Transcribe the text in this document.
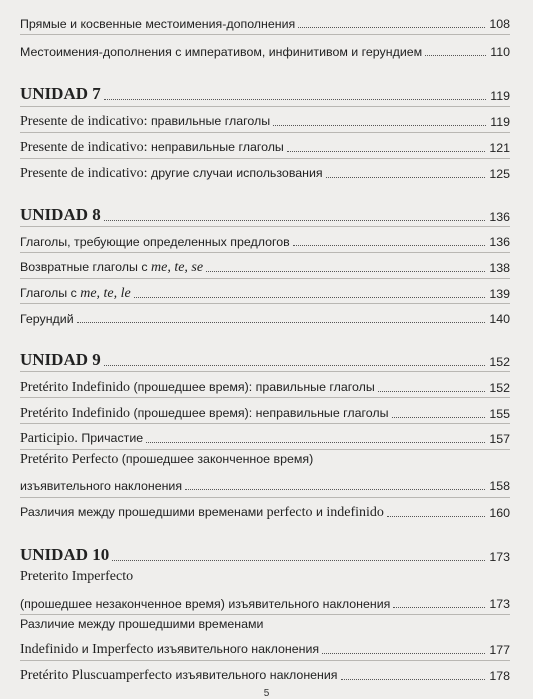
Прямые и косвенные местоимения-дополнения	108
Местоимения-дополнения с императивом, инфинитивом и герундием	110
UNIDAD 7	119
Presente de indicativo: правильные глаголы	119
Presente de indicativo: неправильные глаголы	121
Presente de indicativo: другие случаи использования	125
UNIDAD 8	136
Глаголы, требующие определенных предлогов	136
Возвратные глаголы с me, te, se	138
Глаголы с me, te, le	139
Герундий	140
UNIDAD 9	152
Pretérito Indefinido (прошедшее время): правильные глаголы	152
Pretérito Indefinido (прошедшее время): неправильные глаголы	155
Participio. Причастие	157
Pretérito Perfecto (прошедшее законченное время)
изъявительного наклонения	158
Различия между прошедшими временами perfecto и indefinido	160
UNIDAD 10	173
Preterito Imperfecto
(прошедшее незаконченное время) изъявительного наклонения	173
Различие между прошедшими временами
Indefinido и Imperfecto изъявительного наклонения	177
Pretérito Pluscuamperfecto изъявительного наклонения	178
5
